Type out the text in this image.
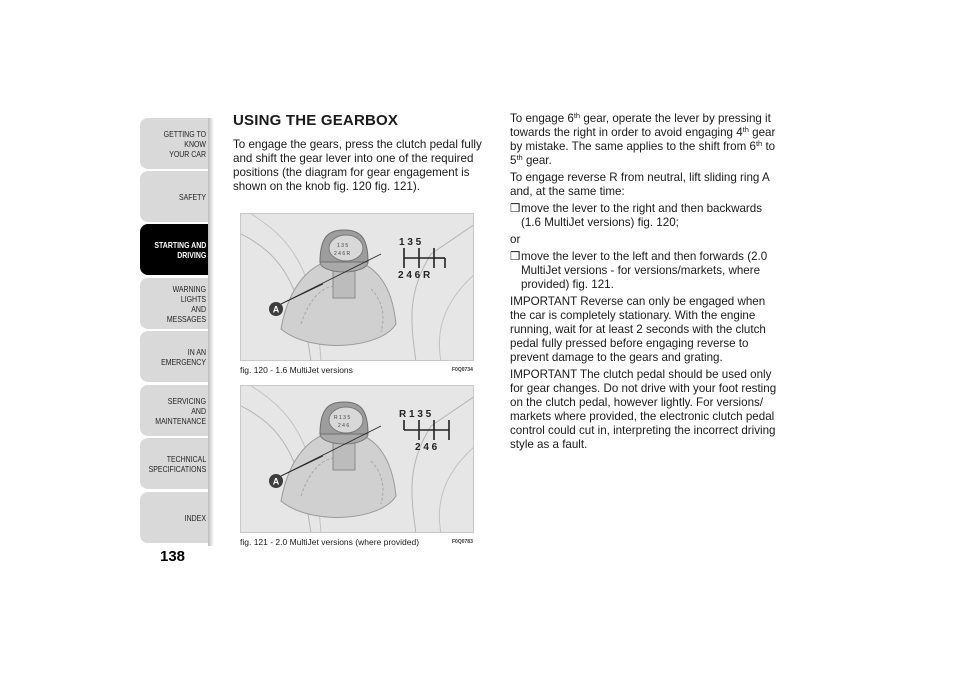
GETTING TO KNOW
YOUR CAR
SAFETY
STARTING AND
DRIVING
WARNING LIGHTS
AND MESSAGES
IN AN EMERGENCY
SERVICING AND
MAINTENANCE
TECHNICAL
SPECIFICATIONS
INDEX
138
USING THE GEARBOX
To engage the gears, press the clutch pedal fully and shift the gear lever into one of the required positions (the diagram for gear engagement is shown on the knob fig. 120 fig. 121).
1 3 5
2 4 6 R
A
1 3 5
2 4 6 R
fig. 120 - 1.6 MultiJet versions	F0Q0734
R 1 3 5
2 4 6
A
R 1 3 5
2 4 6
fig. 121 - 2.0 MultiJet versions (where provided)	F0Q0783

To engage 6th gear, operate the lever by pressing it towards the right in order to avoid engaging 4th gear by mistake. The same applies to the shift from 6th to 5th gear.

To engage reverse R from neutral, lift sliding ring A and, at the same time:

❒ move the lever to the right and then backwards (1.6 MultiJet versions) fig. 120;

or

❒ move the lever to the left and then forwards (2.0 MultiJet versions - for versions/markets, where provided) fig. 121.

IMPORTANT Reverse can only be engaged when the car is completely stationary. With the engine running, wait for at least 2 seconds with the clutch pedal fully pressed before engaging reverse to prevent damage to the gears and grating.

IMPORTANT The clutch pedal should be used only for gear changes. Do not drive with your foot resting on the clutch pedal, however lightly. For versions/ markets where provided, the electronic clutch pedal control could cut in, interpreting the incorrect driving style as a fault.
